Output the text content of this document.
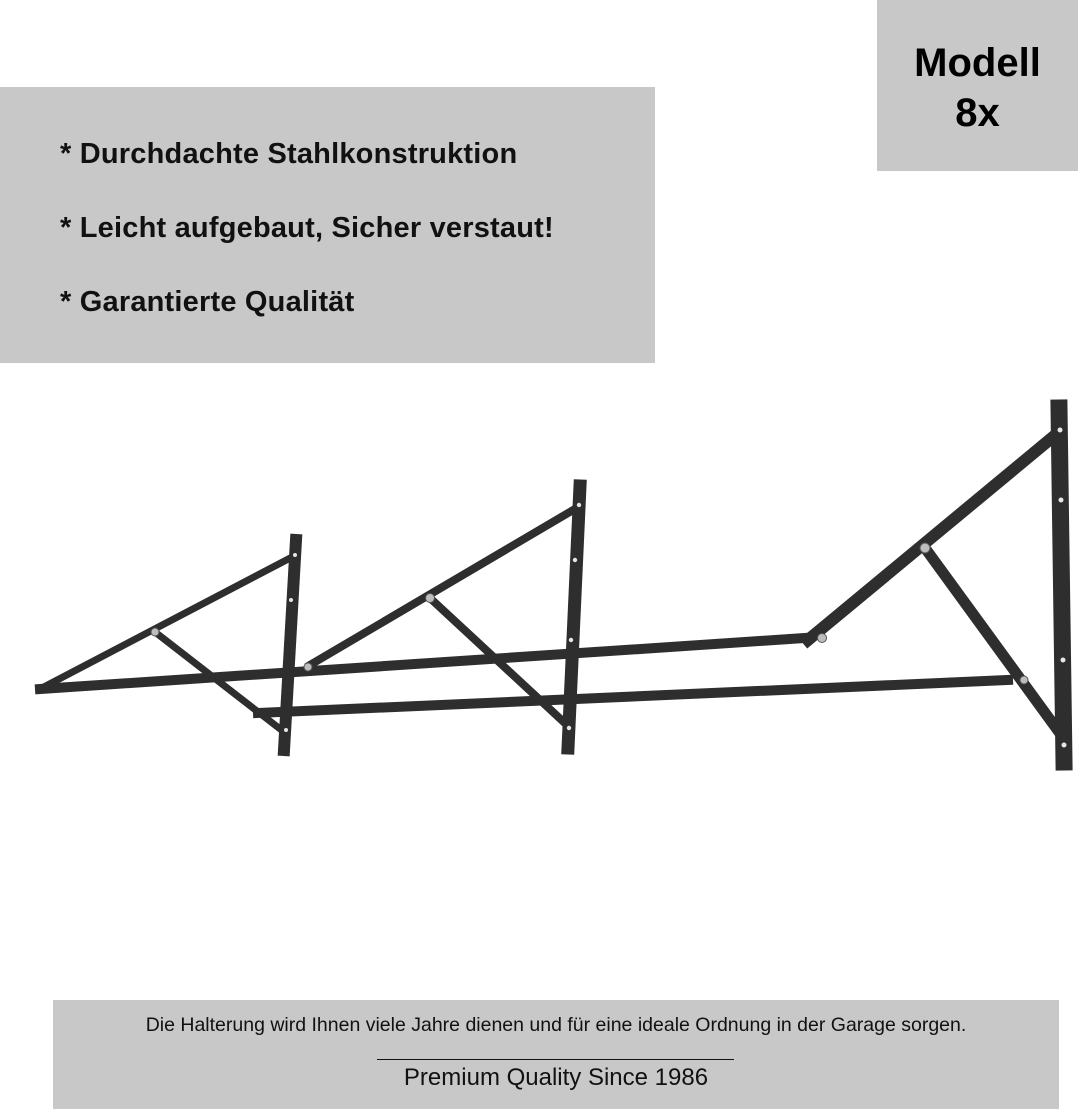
* Durchdachte Stahlkonstruktion
* Leicht aufgebaut, Sicher verstaut!
* Garantierte Qualität
Modell
8x
Die Halterung wird Ihnen viele Jahre dienen und für eine ideale Ordnung in der Garage sorgen.
Premium Quality Since 1986
